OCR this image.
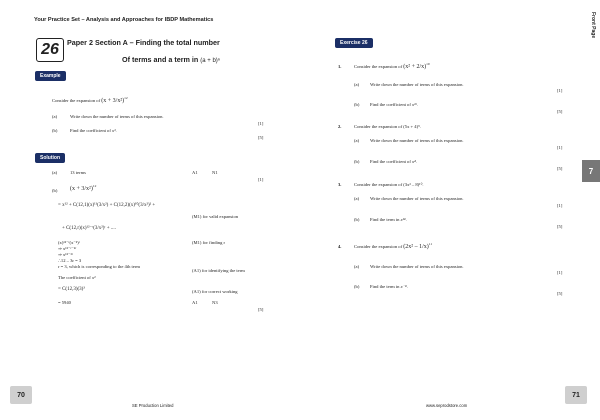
Your Practice Set – Analysis and Approaches for IBDP Mathematics	Front Page
26	Paper 2 Section A – Finding the total number
Of terms and a term in (a + b)ⁿ
Example
Consider the expansion of $(x + 3/x^2)^{12}$
(a)	Write down the number of terms of this expansion.
[1]
(b)	Find the coefficient of x³.
[5]
Solution
(a)	13 terms	A1	N1
[1]
(b) $(x + 3/x^2)^{12}$
= x¹² + C(12,1)(x)¹¹(3/x²) + C(12,2)(x)¹⁰(3/x²)² +
+ C(12,r)(x)¹²⁻ʳ(3/x²)ʳ + ....
(M1) for valid expansion
(x)¹²⁻ʳ(x⁻²)ʳ
⇒ x¹²⁻ʳ⁻²ʳ
⇒ x¹²⁻³ʳ
(M1) for finding r
∴12 – 3r = 3
r = 3, which is corresponding to the 4th term
(A1) for identifying the term
The coefficient of x³
= C(12,3)(3)³	(A1) for correct working
= 5940	A1	N3
[5]
Exercise 26
1.	Consider the expansion of $(x^2 + 2/x)^{10}$
(a) Write down the number of terms of this expansion.
[1]
(b) Find the coefficient of x¹⁶.
[5]
2.	Consider the expansion of (5x + 4)⁹.
(a) Write down the number of terms of this expansion.
[1]
(b) Find the coefficient of x⁴.
[5]
3.	Consider the expansion of (3x³ – 8)¹⁰.
(a) Write down the number of terms of this expansion.
[1]
(b) Find the term in x¹⁸.
[5]
4.	Consider the expansion of (2x² – 1/x)$^{11}$
(a) Write down the number of terms of this expansion.
[1]
(b) Find the term in x⁻⁸.
[5]
7
70	71
SE Production Limited	www.seprodstore.com
